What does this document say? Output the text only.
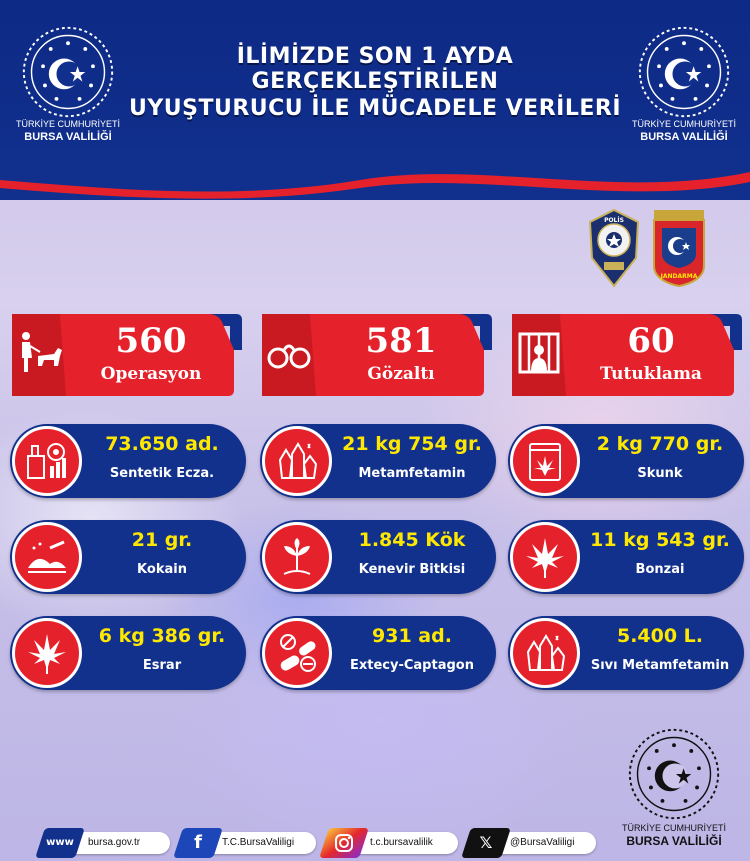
İLİMİZDE SON 1 AYDA GERÇEKLEŞTİRİLEN
UYUŞTURUCU İLE MÜCADELE VERİLERİ
TÜRKİYE CUMHURİYETİ
BURSA VALİLİĞİ
TÜRKİYE CUMHURİYETİ
BURSA VALİLİĞİ
POLİS
JANDARMA
560
Operasyon
581
Gözaltı
60
Tutuklama
73.650 ad.
Sentetik Ecza.
21 kg 754 gr.
Metamfetamin
2 kg 770 gr.
Skunk
21 gr.
Kokain
1.845 Kök
Kenevir Bitkisi
11 kg 543 gr.
Bonzai
6 kg 386 gr.
Esrar
931 ad.
Extecy-Captagon
5.400 L.
Sıvı Metamfetamin
TÜRKİYE CUMHURİYETİ
BURSA VALİLİĞİ
www	bursa.gov.tr	f	T.C.BursaValiligi	t.c.bursavalilik	𝕏	@BursaValiligi
